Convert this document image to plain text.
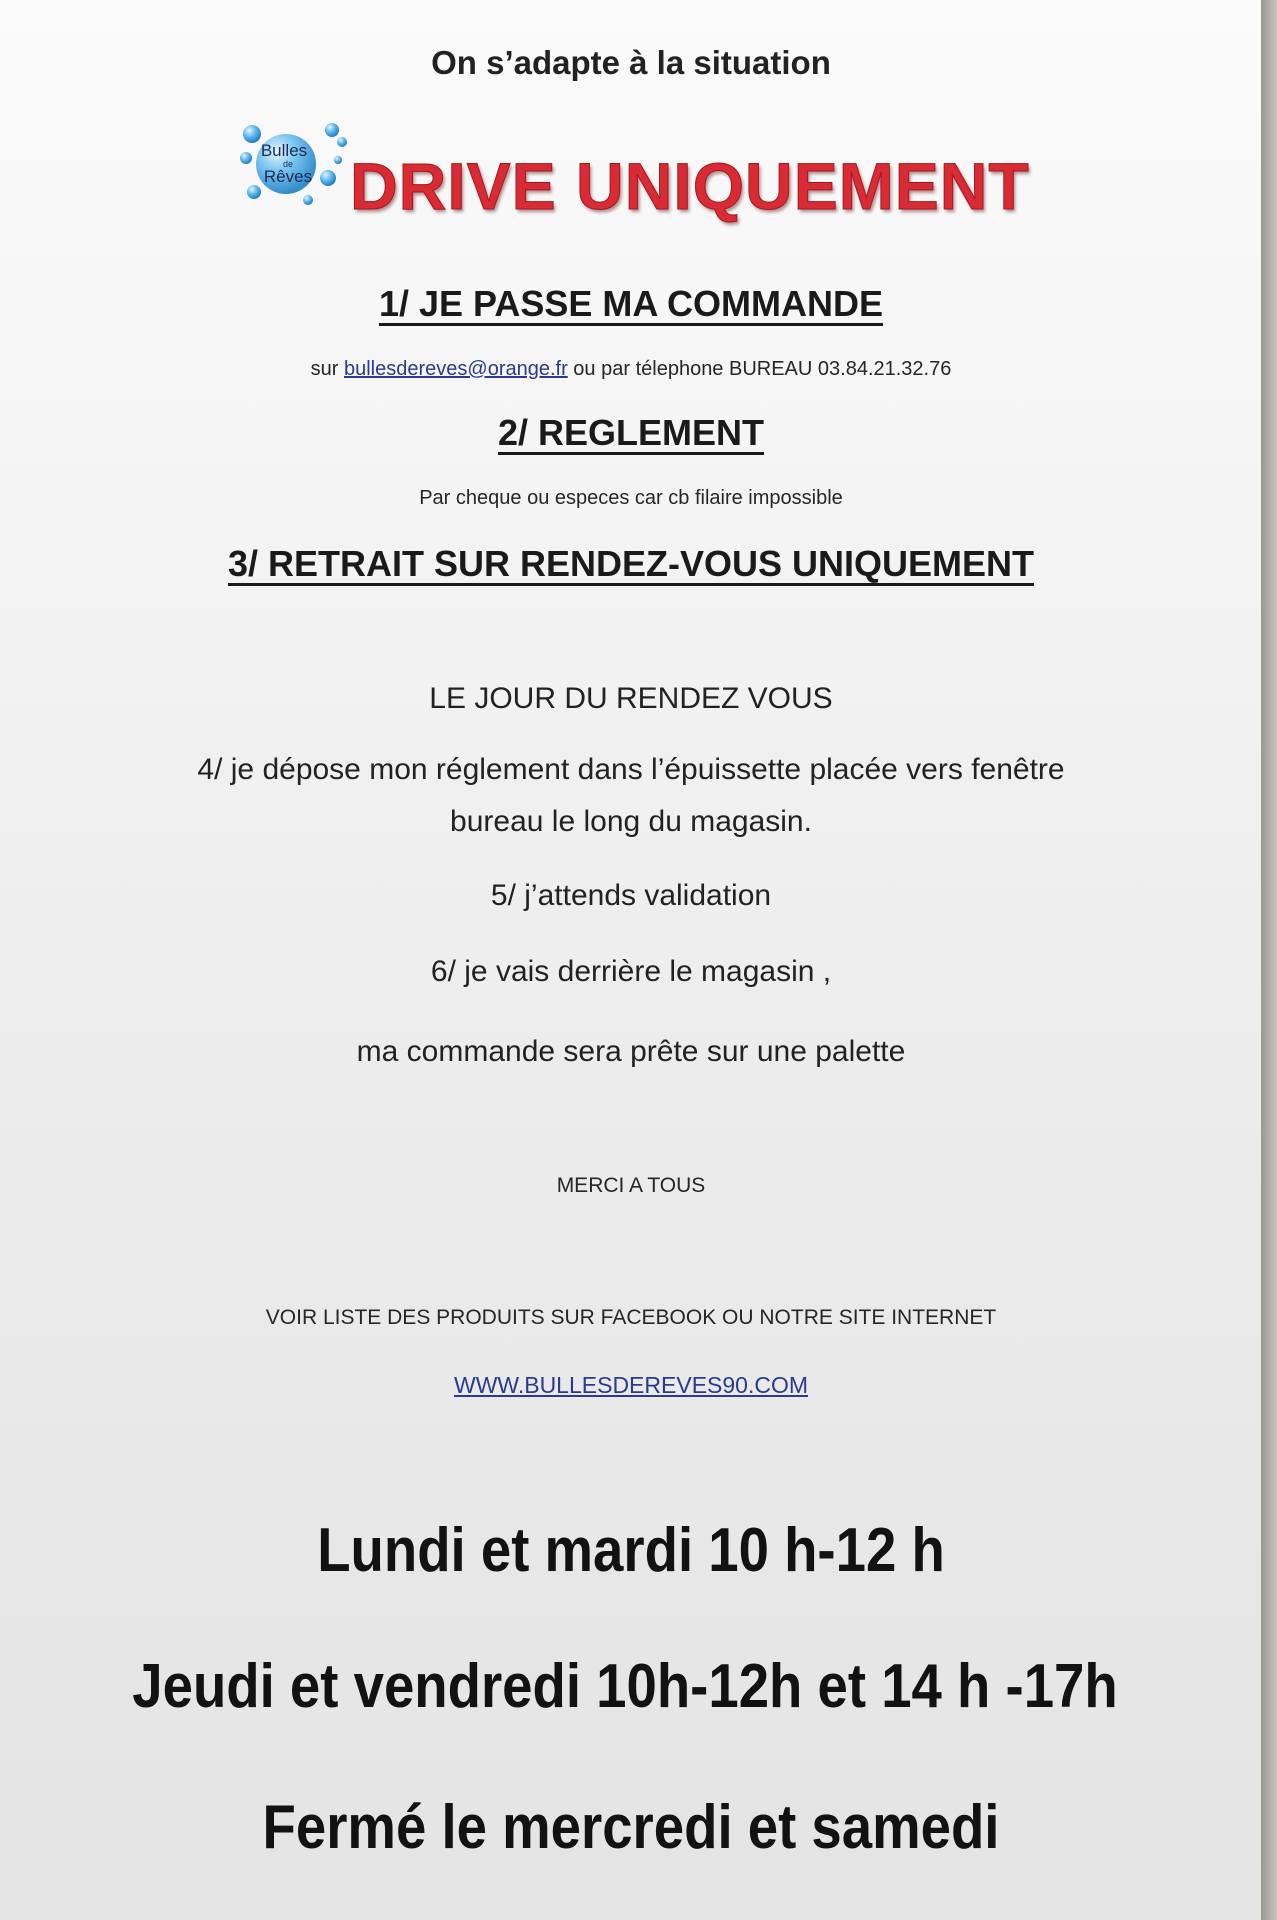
On s’adapte à la situation
Bulles
de
Rêves DRIVE UNIQUEMENT
1/ JE PASSE MA COMMANDE
sur bullesdereves@orange.fr ou par télephone BUREAU 03.84.21.32.76
2/ REGLEMENT
Par cheque ou especes car cb filaire impossible
3/ RETRAIT SUR RENDEZ-VOUS UNIQUEMENT
LE JOUR DU RENDEZ VOUS
4/ je dépose mon réglement dans l’épuissette placée vers fenêtre
bureau le long du magasin.
5/ j’attends validation
6/ je vais derrière le magasin ,
ma commande sera prête sur une palette
MERCI A TOUS
VOIR LISTE DES PRODUITS SUR FACEBOOK OU NOTRE SITE INTERNET
WWW.BULLESDEREVES90.COM
Lundi et mardi 10 h-12 h
Jeudi et vendredi 10h-12h et 14 h -17h
Fermé le mercredi et samedi
